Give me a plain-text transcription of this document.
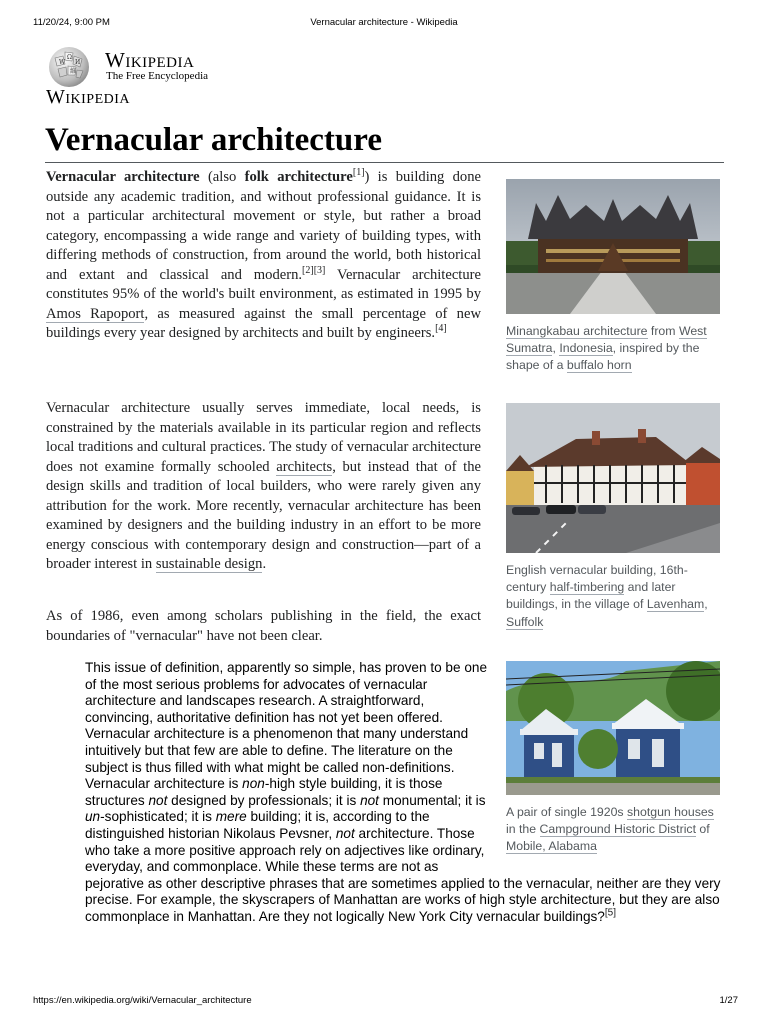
11/20/24, 9:00 PM	Vernacular architecture - Wikipedia
W
Ω
И
維 Wikipedia
The Free Encyclopedia
Wikipedia
Vernacular architecture
Vernacular architecture (also folk architecture[1]) is building done outside any academic tradition, and without professional guidance. It is not a particular architectural movement or style, but rather a broad category, encompassing a wide range and variety of building types, with differing methods of construction, from around the world, both historical and extant and classical and modern.[2][3] Vernacular architecture constitutes 95% of the world's built environment, as estimated in 1995 by Amos Rapoport, as measured against the small percentage of new buildings every year designed by architects and built by engineers.[4]
Vernacular architecture usually serves immediate, local needs, is constrained by the materials available in its particular region and reflects local traditions and cultural practices. The study of vernacular architecture does not examine formally schooled architects, but instead that of the design skills and tradition of local builders, who were rarely given any attribution for the work. More recently, vernacular architecture has been examined by designers and the building industry in an effort to be more energy conscious with contemporary design and construction—part of a broader interest in sustainable design.
As of 1986, even among scholars publishing in the field, the exact boundaries of "vernacular" have not been clear.
This issue of definition, apparently so simple, has proven to be one of the most serious problems for advocates of vernacular architecture and landscapes research. A straightforward, convincing, authoritative definition has not yet been offered. Vernacular architecture is a phenomenon that many understand intuitively but that few are able to define. The literature on the subject is thus filled with what might be called non-definitions. Vernacular architecture is non-high style building, it is those structures not designed by professionals; it is not monumental; it is un-sophisticated; it is mere building; it is, according to the distinguished historian Nikolaus Pevsner, not architecture. Those who take a more positive approach rely on adjectives like ordinary, everyday, and commonplace. While these terms are not as pejorative as other descriptive phrases that are sometimes applied to the vernacular, neither are they very precise. For example, the skyscrapers of Manhattan are works of high style architecture, but they are also commonplace in Manhattan. Are they not logically New York City vernacular buildings?[5]
Minangkabau architecture from West Sumatra, Indonesia, inspired by the shape of a buffalo horn
English vernacular building, 16th-century half-timbering and later buildings, in the village of Lavenham, Suffolk
A pair of single 1920s shotgun houses in the Campground Historic District of Mobile, Alabama
https://en.wikipedia.org/wiki/Vernacular_architecture	1/27
